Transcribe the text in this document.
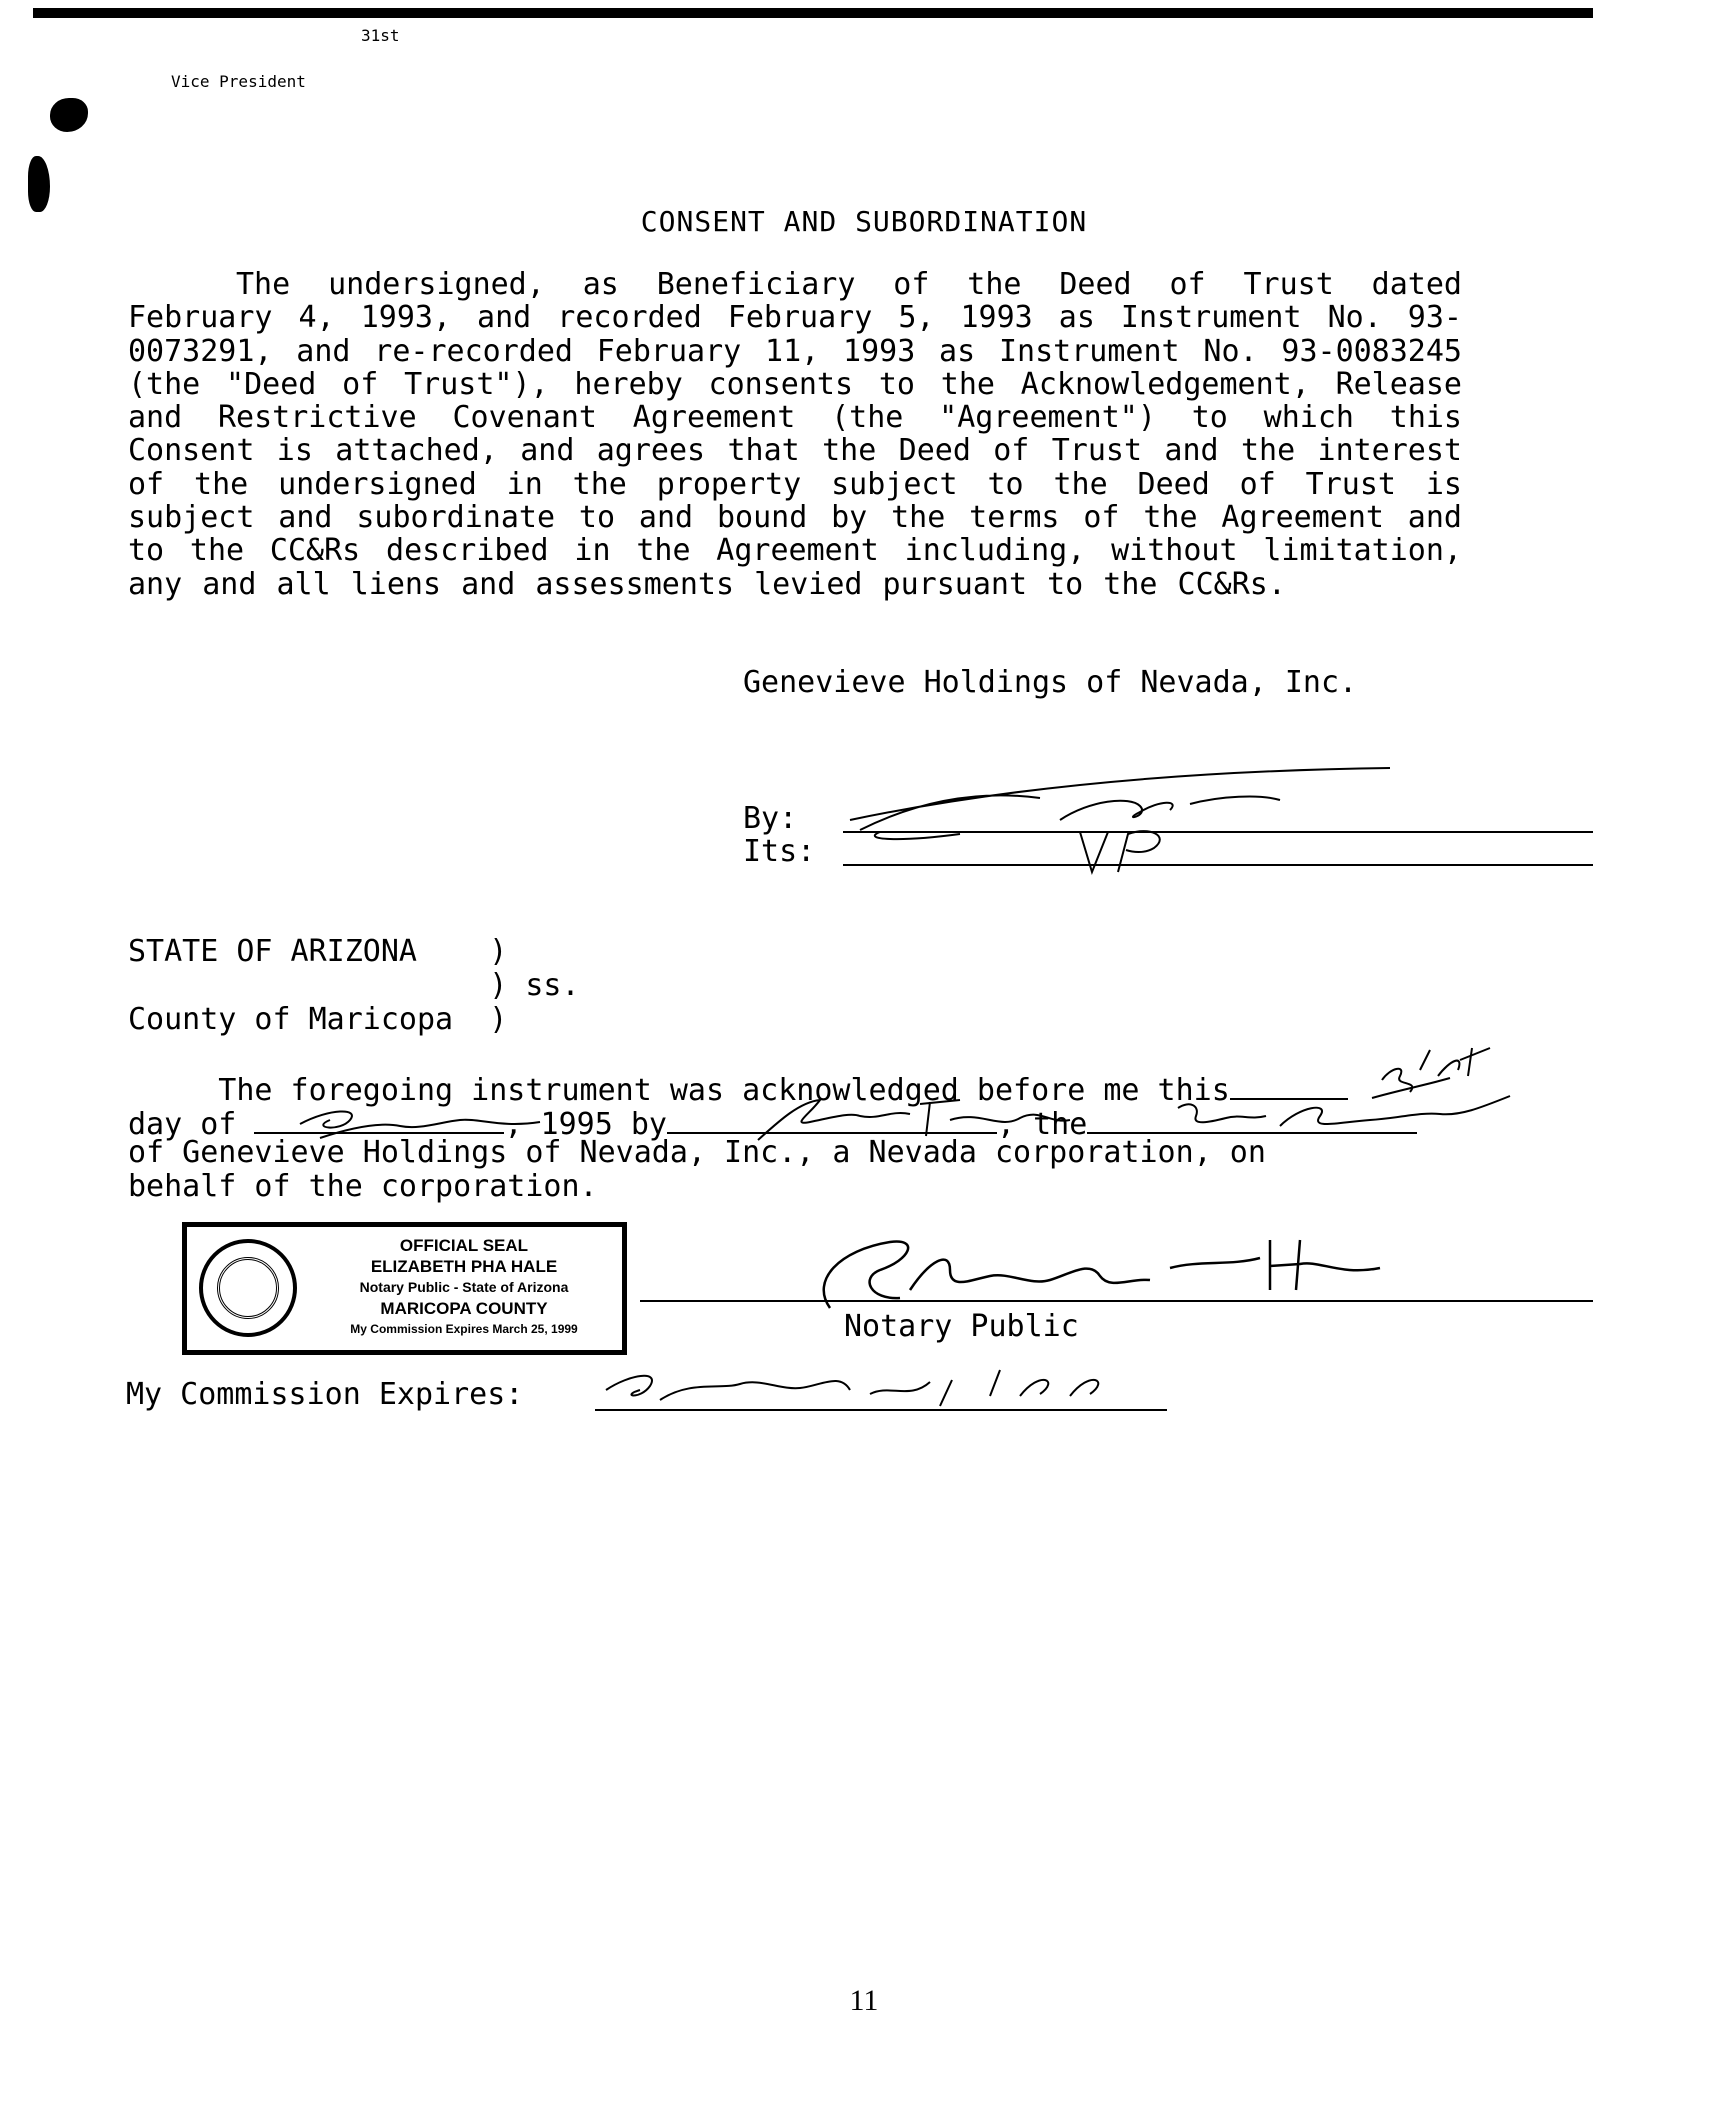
CONSENT AND SUBORDINATION
The undersigned, as Beneficiary of the Deed of Trust dated February 4, 1993, and recorded February 5, 1993 as Instrument No. 93-0073291, and re-recorded February 11, 1993 as Instrument No. 93-0083245 (the "Deed of Trust"), hereby consents to the Acknowledgement, Release and Restrictive Covenant Agreement (the "Agreement") to which this Consent is attached, and agrees that the Deed of Trust and the interest of the undersigned in the property subject to the Deed of Trust is subject and subordinate to and bound by the terms of the Agreement and to the CC&Rs described in the Agreement including, without limitation, any and all liens and assessments levied pursuant to the CC&Rs.
Genevieve Holdings of Nevada, Inc.
By:
Its:
STATE OF ARIZONA    )
) ss.
County of Maricopa  )
The foregoing instrument was acknowledged before me this
day of	, 1995 by	, the
of Genevieve Holdings of Nevada, Inc., a Nevada corporation, on
behalf of the corporation.
31st
Vice President
OFFICIAL SEAL
ELIZABETH PHA HALE
Notary Public - State of Arizona
MARICOPA COUNTY
My Commission Expires March 25, 1999	Notary Public
My Commission Expires:
11
